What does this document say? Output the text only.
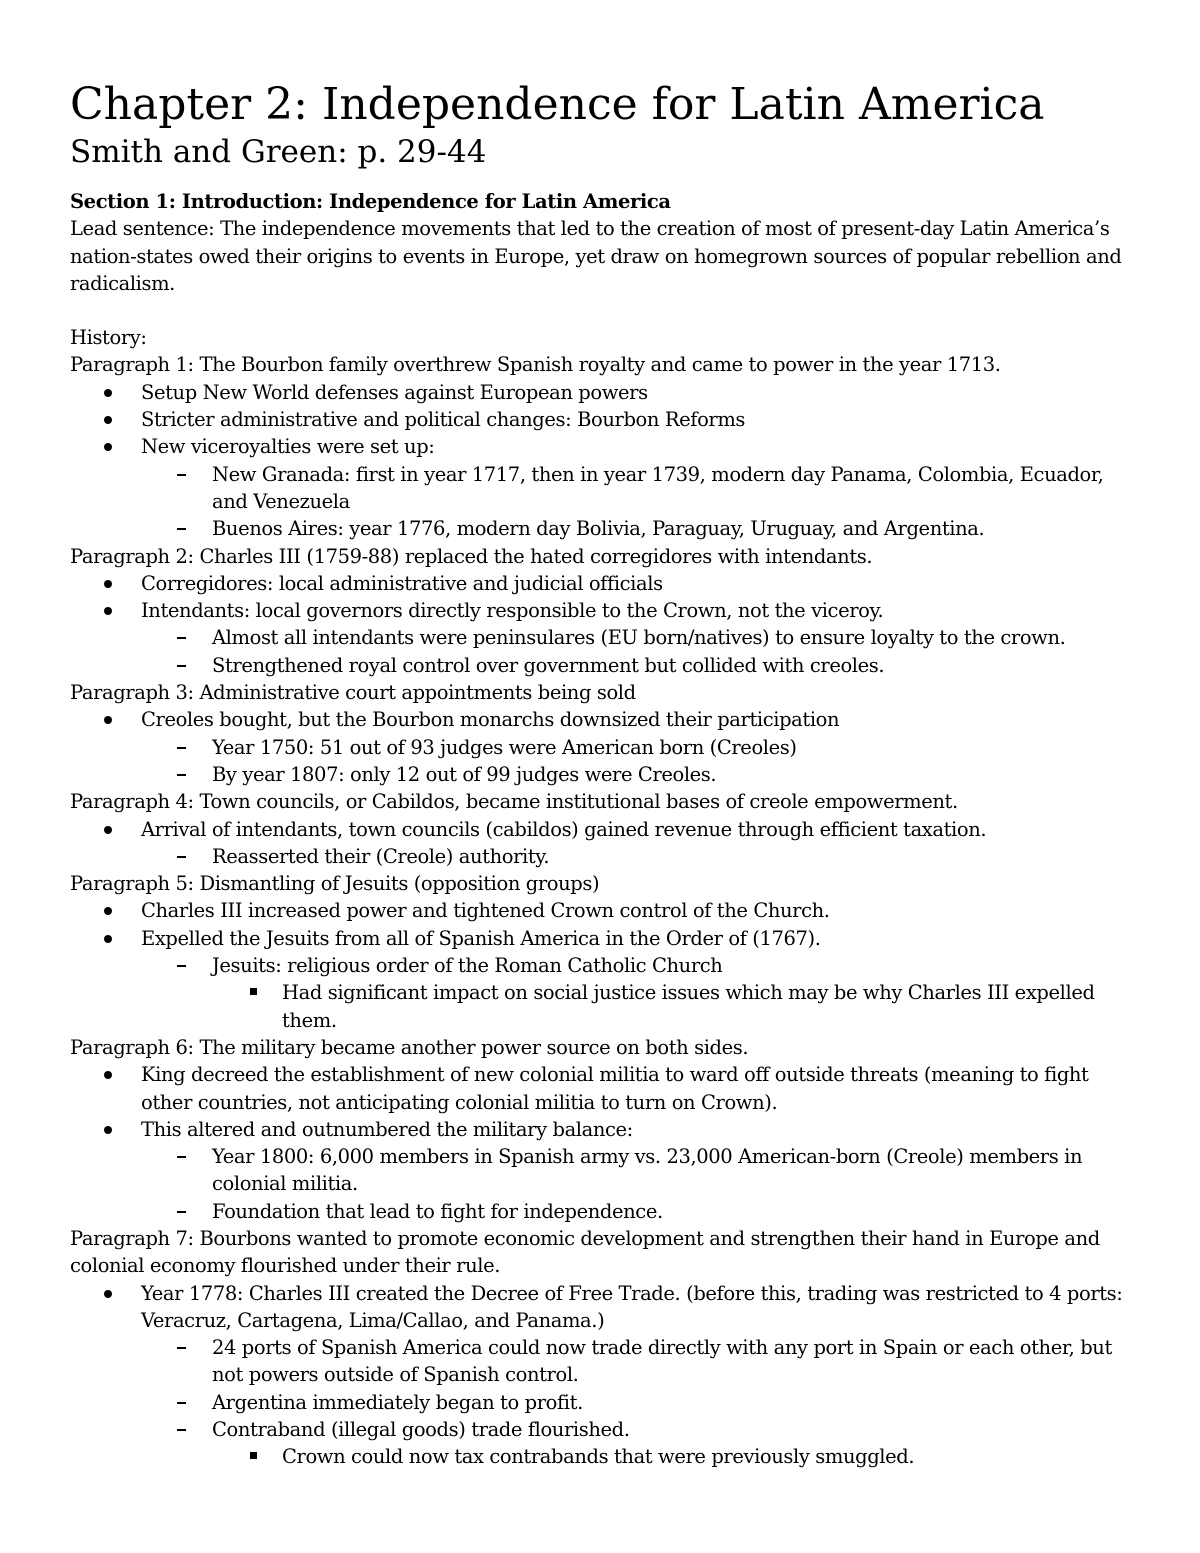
Chapter 2: Independence for Latin America
Smith and Green: p. 29-44

Section 1: Introduction: Independence for Latin America

Lead sentence: The independence movements that led to the creation of most of present-day Latin America’s nation-states owed their origins to events in Europe, yet draw on homegrown sources of popular rebellion and radicalism.

History:

Paragraph 1: The Bourbon family overthrew Spanish royalty and came to power in the year 1713.

Setup New World defenses against European powers
Stricter administrative and political changes: Bourbon Reforms
New viceroyalties were set up:
New Granada: first in year 1717, then in year 1739, modern day Panama, Colombia, Ecuador, and Venezuela
Buenos Aires: year 1776, modern day Bolivia, Paraguay, Uruguay, and Argentina.

Paragraph 2: Charles III (1759-88) replaced the hated corregidores with intendants.

Corregidores: local administrative and judicial officials
Intendants: local governors directly responsible to the Crown, not the viceroy.
Almost all intendants were peninsulares (EU born/natives) to ensure loyalty to the crown.
Strengthened royal control over government but collided with creoles.

Paragraph 3: Administrative court appointments being sold

Creoles bought, but the Bourbon monarchs downsized their participation
Year 1750: 51 out of 93 judges were American born (Creoles)
By year 1807: only 12 out of 99 judges were Creoles.

Paragraph 4: Town councils, or Cabildos, became institutional bases of creole empowerment.

Arrival of intendants, town councils (cabildos) gained revenue through efficient taxation.
Reasserted their (Creole) authority.

Paragraph 5: Dismantling of Jesuits (opposition groups)

Charles III increased power and tightened Crown control of the Church.
Expelled the Jesuits from all of Spanish America in the Order of (1767).
Jesuits: religious order of the Roman Catholic Church
Had significant impact on social justice issues which may be why Charles III expelled them.

Paragraph 6: The military became another power source on both sides.

King decreed the establishment of new colonial militia to ward off outside threats (meaning to fight other countries, not anticipating colonial militia to turn on Crown).
This altered and outnumbered the military balance:
Year 1800: 6,000 members in Spanish army vs. 23,000 American-born (Creole) members in colonial militia.
Foundation that lead to fight for independence.

Paragraph 7: Bourbons wanted to promote economic development and strengthen their hand in Europe and colonial economy flourished under their rule.

Year 1778: Charles III created the Decree of Free Trade. (before this, trading was restricted to 4 ports: Veracruz, Cartagena, Lima/Callao, and Panama.)
24 ports of Spanish America could now trade directly with any port in Spain or each other, but not powers outside of Spanish control.
Argentina immediately began to profit.
Contraband (illegal goods) trade flourished.
Crown could now tax contrabands that were previously smuggled.
